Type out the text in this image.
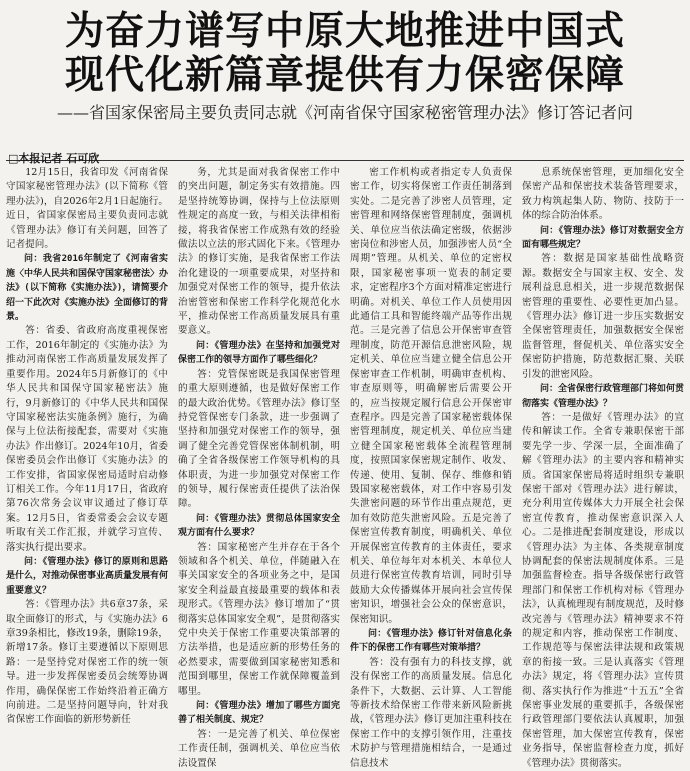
为奋力谱写中原大地推进中国式
现代化新篇章提供有力保密保障
——省国家保密局主要负责同志就《河南省保守国家秘密管理办法》修订答记者问
□本报记者 石可欣

12月15日，我省印发《河南省保守国家秘密管理办法》(以下简称《管理办法》)，自2026年2月1日起施行。近日，省国家保密局主要负责同志就《管理办法》修订有关问题，回答了记者提问。

问：我省2016年制定了《河南省实施〈中华人民共和国保守国家秘密法〉办法》(以下简称《实施办法》)，请简要介绍一下此次对《实施办法》全面修订的背景。

答：省委、省政府高度重视保密工作，2016年制定的《实施办法》为推动河南保密工作高质量发展发挥了重要作用。2024年5月新修订的《中华人民共和国保守国家秘密法》施行，9月新修订的《中华人民共和国保守国家秘密法实施条例》施行，为确保与上位法衔接配套，需要对《实施办法》作出修订。2024年10月，省委保密委员会作出修订《实施办法》的工作安排，省国家保密局适时启动修订相关工作。今年11月17日，省政府第76次常务会议审议通过了修订草案。12月5日，省委常委会会议专题听取有关工作汇报，并就学习宣传、落实执行提出要求。

问：《管理办法》修订的原则和思路是什么，对推动保密事业高质量发展有何重要意义？

答：《管理办法》共6章37条，采取全面修订的形式，与《实施办法》6章39条相比，修改19条，删除19条，新增17条。修订主要遵循以下原则思路：一是坚持党对保密工作的统一领导。进一步发挥保密委员会统筹协调作用，确保保密工作始终沿着正确方向前进。二是坚持问题导向，针对我省保密工作面临的新形势新任

务，尤其是面对我省保密工作中的突出问题，制定务实有效措施。四是坚持统筹协调，保持与上位法原则性规定的高度一致，与相关法律相衔接，将我省保密工作成熟有效的经验做法以立法的形式固化下来。《管理办法》的修订实施，是我省保密工作法治化建设的一项重要成果，对坚持和加强党对保密工作的领导，提升依法治密管密和保密工作科学化规范化水平，推动保密工作高质量发展具有重要意义。

问：《管理办法》在坚持和加强党对保密工作的领导方面作了哪些细化？

答：党管保密既是我国保密管理的重大原则遵循，也是做好保密工作的最大政治优势。《管理办法》修订坚持党管保密专门条款，进一步强调了坚持和加强党对保密工作的领导，强调了健全完善党管保密体制机制，明确了全省各级保密工作领导机构的具体职责，为进一步加强党对保密工作的领导，履行保密责任提供了法治保障。

问：《管理办法》贯彻总体国家安全观方面有什么要求？

答：国家秘密产生并存在于各个领域和各个机关、单位，伴随融入在事关国家安全的各项业务之中，是国家安全利益最直接最重要的载体和表现形式。《管理办法》修订增加了“贯彻落实总体国家安全观”，是贯彻落实党中央关于保密工作重要决策部署的方法举措，也是适应新的形势任务的必然要求，需要做到国家秘密知悉和范围到哪里，保密工作就保障覆盖到哪里。

问：《管理办法》增加了哪些方面完善了相关制度、规定？

答：一是完善了机关、单位保密工作责任制，强调机关、单位应当依法设置保

密工作机构或者指定专人负责保密工作，切实将保密工作责任制落到实处。二是完善了涉密人员管理，定密管理和网络保密管理制度，强调机关、单位应当依法确定密级，依据涉密岗位和涉密人员，加强涉密人员“全周期”管理。从机关、单位的定密权限，国家秘密事项一览表的制定要求，定密程序3个方面对精准定密进行明确。对机关、单位工作人员使用因此通信工具和智能终端产品等作出规范。三是完善了信息公开保密审查管理制度，防范开源信息泄密风险，规定机关、单位应当建立健全信息公开保密审查工作机制，明确审查机构、审查原则等，明确解密后需要公开的，应当按规定履行信息公开保密审查程序。四是完善了国家秘密载体保密管理制度，规定机关、单位应当建立健全国家秘密载体全流程管理制度，按照国家保密规定制作、收发、传递、使用、复制、保存、维修和销毁国家秘密载体，对工作中容易引发失泄密问题的环节作出重点规范，更加有效防范失泄密风险。五是完善了保密宣传教育制度，明确机关、单位开展保密宣传教育的主体责任，要求机关、单位每年对本机关、本单位人员进行保密宣传教育培训，同时引导鼓励大众传播媒体开展向社会宣传保密知识，增强社会公众的保密意识，保密知识。

问：《管理办法》修订针对信息化条件下的保密工作有哪些对策举措？

答：没有强有力的科技支撑，就没有保密工作的高质量发展。信息化条件下，大数据、云计算、人工智能等新技术给保密工作带来新风险新挑战，《管理办法》修订更加注重科技在保密工作中的支撑引领作用，注重技术防护与管理措施相结合，一是通过信息技术

息系统保密管理，更加细化安全保密产品和保密技术装备管理要求，致力构筑起集人防、物防、技防于一体的综合防治体系。

问：《管理办法》修订对数据安全方面有哪些规定？

答：数据是国家基础性战略资源。数据安全与国家主权、安全、发展利益息息相关，进一步规范数据保密管理的重要性、必要性更加凸显。《管理办法》修订进一步压实数据安全保密管理责任，加强数据安全保密监督管理，督促机关、单位落实安全保密防护措施，防范数据汇聚、关联引发的泄密风险。

问：全省保密行政管理部门将如何贯彻落实《管理办法》？

答：一是做好《管理办法》的宣传和解读工作。全省专兼职保密干部要先学一步、学深一层，全面准确了解《管理办法》的主要内容和精神实质。省国家保密局将适时组织专兼职保密干部对《管理办法》进行解读，充分利用宣传媒体大力开展全社会保密宣传教育，推动保密意识深入人心。二是推进配套制度建设，形成以《管理办法》为主体、各类规章制度协调配套的保密法规制度体系。三是加强监督检查。指导各级保密行政管理部门和保密工作机构对标《管理办法》，认真梳理现有制度规范，及时修改完善与《管理办法》精神要求不符的规定和内容，推动保密工作制度、工作规范等与保密法律法规和政策规章的衔接一致。三是认真落实《管理办法》规定，将《管理办法》宣传贯彻、落实执行作为推进“十五五”全省保密事业发展的重要抓手，各级保密行政管理部门要依法认真履职，加强保密管理，加大保密宣传教育，保密业务指导，保密监督检查力度，抓好《管理办法》贯彻落实。
